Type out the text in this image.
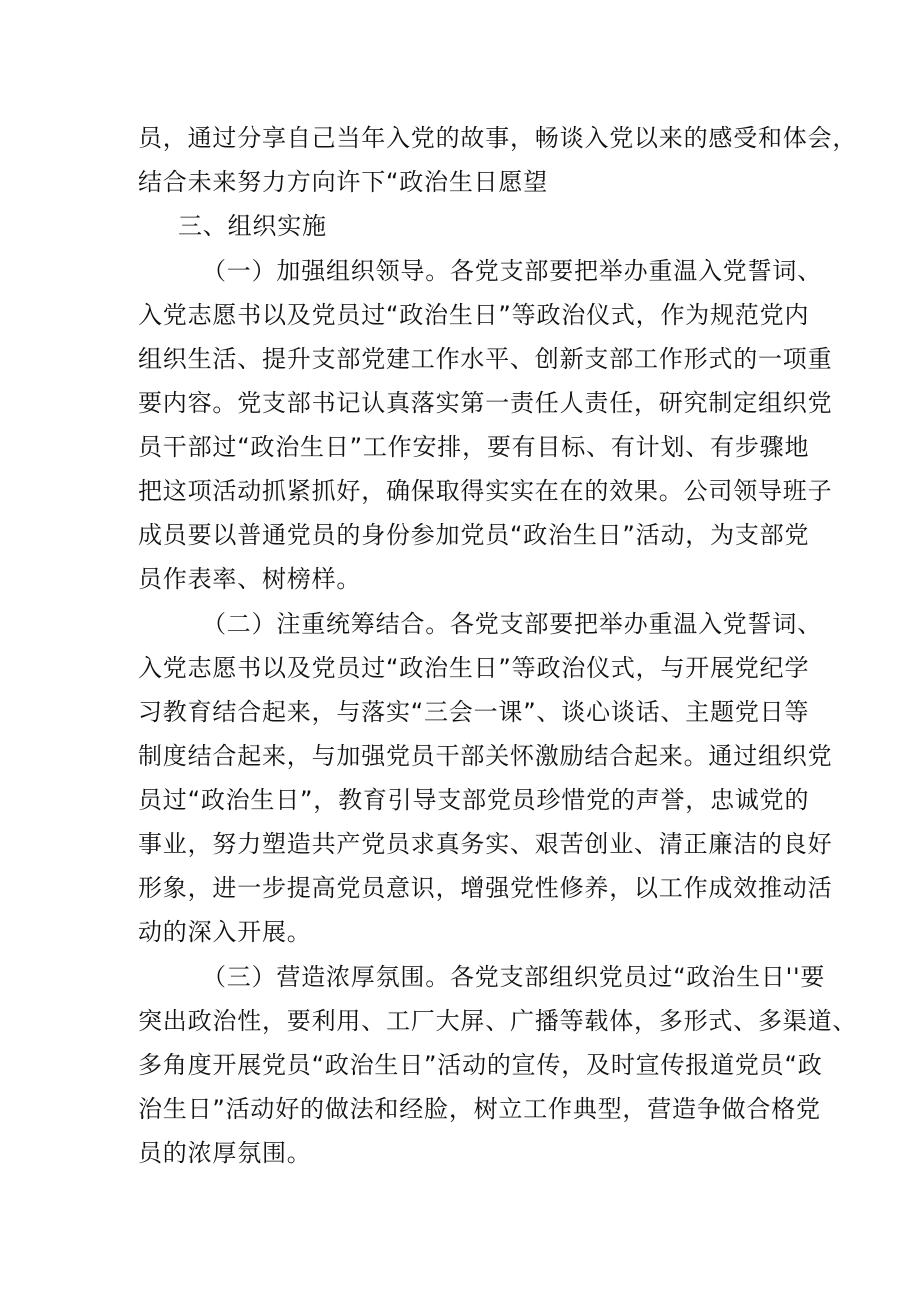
员，通过分享自己当年入党的故事，畅谈入党以来的感受和体会，
结合未来努力方向许下“政治生日愿望
三、组织实施
（一）加强组织领导。各党支部要把举办重温入党誓词、
入党志愿书以及党员过“政治生日”等政治仪式，作为规范党内
组织生活、提升支部党建工作水平、创新支部工作形式的一项重
要内容。党支部书记认真落实第一责任人责任，研究制定组织党
员干部过“政治生日”工作安排，要有目标、有计划、有步骤地
把这项活动抓紧抓好，确保取得实实在在的效果。公司领导班子
成员要以普通党员的身份参加党员“政治生日”活动，为支部党
员作表率、树榜样。
（二）注重统筹结合。各党支部要把举办重温入党誓词、
入党志愿书以及党员过“政治生日”等政治仪式，与开展党纪学
习教育结合起来，与落实“三会一课”、谈心谈话、主题党日等
制度结合起来，与加强党员干部关怀激励结合起来。通过组织党
员过“政治生日”，教育引导支部党员珍惜党的声誉，忠诚党的
事业，努力塑造共产党员求真务实、艰苦创业、清正廉洁的良好
形象，进一步提高党员意识，增强党性修养，以工作成效推动活
动的深入开展。
（三）营造浓厚氛围。各党支部组织党员过“政治生日''要
突出政治性，要利用、工厂大屏、广播等载体，多形式、多渠道、
多角度开展党员“政治生日”活动的宣传，及时宣传报道党员“政
治生日”活动好的做法和经脸，树立工作典型，营造争做合格党
员的浓厚氛围。
